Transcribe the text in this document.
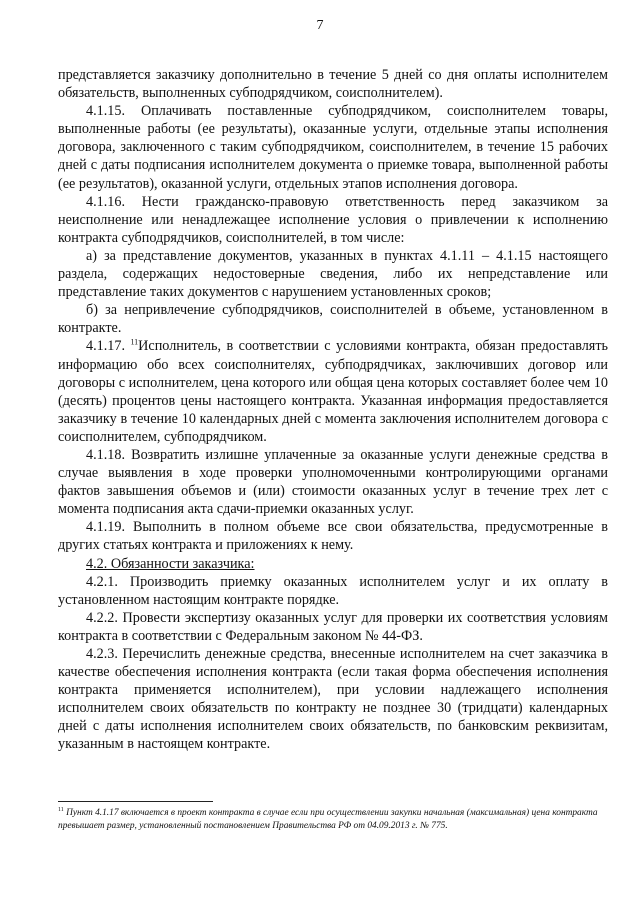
7

представляется заказчику дополнительно в течение 5 дней со дня оплаты исполнителем обязательств, выполненных субподрядчиком, соисполнителем).

4.1.15. Оплачивать поставленные субподрядчиком, соисполнителем товары, выполненные работы (ее результаты), оказанные услуги, отдельные этапы исполнения договора, заключенного с таким субподрядчиком, соисполнителем, в течение 15 рабочих дней с даты подписания исполнителем документа о приемке товара, выполненной работы (ее результатов), оказанной услуги, отдельных этапов исполнения договора.

4.1.16. Нести гражданско-правовую ответственность перед заказчиком за неисполнение или ненадлежащее исполнение условия о привлечении к исполнению контракта субподрядчиков, соисполнителей, в том числе:

а) за представление документов, указанных в пунктах 4.1.11 – 4.1.15 настоящего раздела, содержащих недостоверные сведения, либо их непредставление или представление таких документов с нарушением установленных сроков;

б) за непривлечение субподрядчиков, соисполнителей в объеме, установленном в контракте.

4.1.17. $^{11}$Исполнитель, в соответствии с условиями контракта, обязан предоставлять информацию обо всех соисполнителях, субподрядчиках, заключивших договор или договоры с исполнителем, цена которого или общая цена которых составляет более чем 10 (десять) процентов цены настоящего контракта. Указанная информация предоставляется заказчику в течение 10 календарных дней с момента заключения исполнителем договора с соисполнителем, субподрядчиком.

4.1.18. Возвратить излишне уплаченные за оказанные услуги денежные средства в случае выявления в ходе проверки уполномоченными контролирующими органами фактов завышения объемов и (или) стоимости оказанных услуг в течение трех лет с момента подписания акта сдачи-приемки оказанных услуг.

4.1.19. Выполнить в полном объеме все свои обязательства, предусмотренные в других статьях контракта и приложениях к нему.

4.2. Обязанности заказчика:

4.2.1. Производить приемку оказанных исполнителем услуг и их оплату в установленном настоящим контракте порядке.

4.2.2. Провести экспертизу оказанных услуг для проверки их соответствия условиям контракта в соответствии с Федеральным законом № 44-ФЗ.

4.2.3. Перечислить денежные средства, внесенные исполнителем на счет заказчика в качестве обеспечения исполнения контракта (если такая форма обеспечения исполнения контракта применяется исполнителем), при условии надлежащего исполнения исполнителем своих обязательств по контракту не позднее 30 (тридцати) календарных дней с даты исполнения исполнителем своих обязательств, по банковским реквизитам, указанным в настоящем контракте.

$^{11}$ Пункт 4.1.17 включается в проект контракта в случае если при осуществлении закупки начальная (максимальная) цена контракта превышает размер, установленный постановлением Правительства РФ от 04.09.2013 г. № 775.
